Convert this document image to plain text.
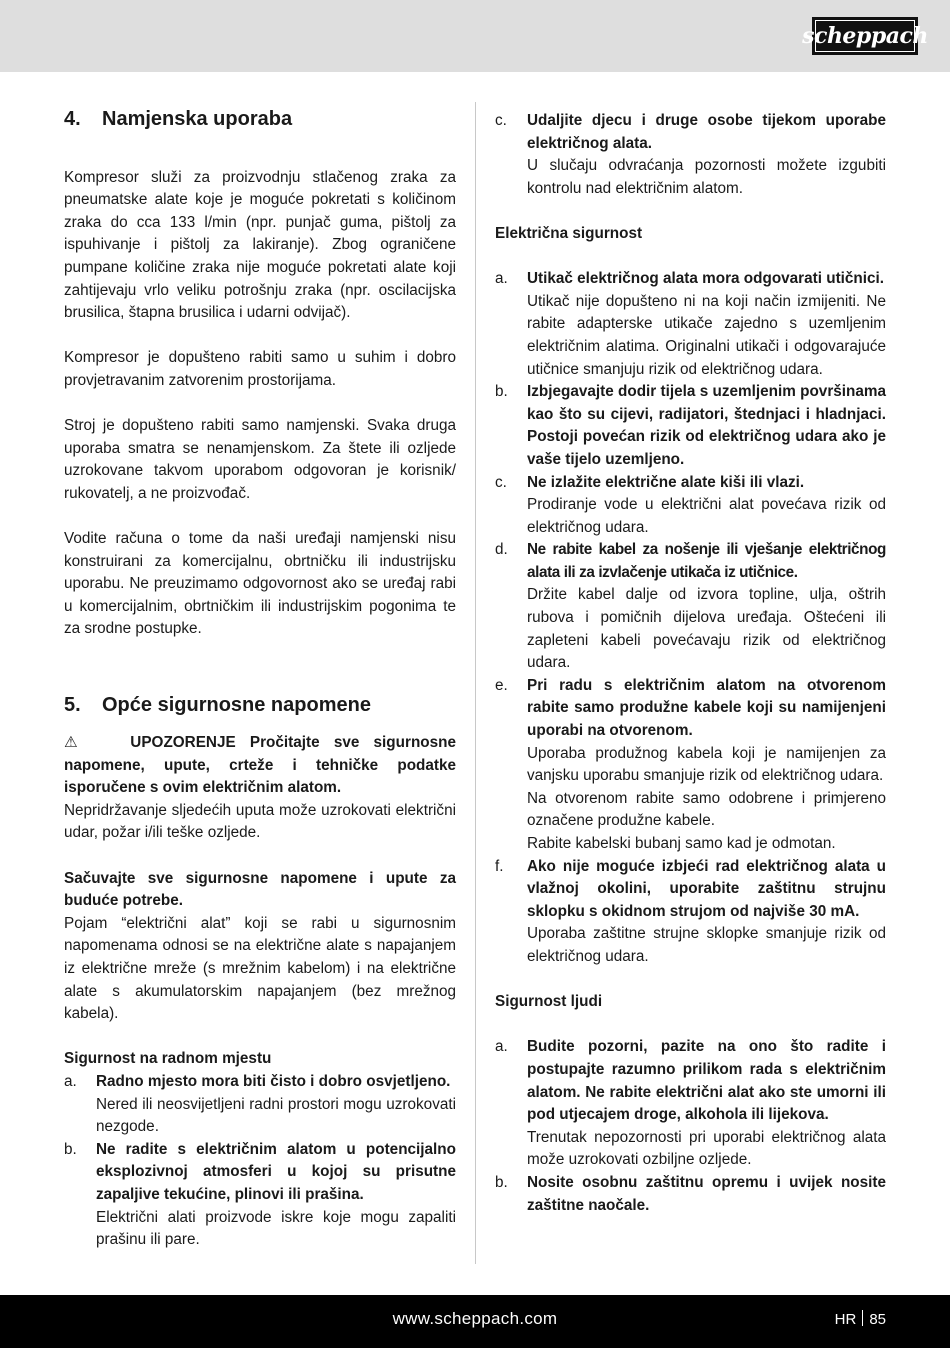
scheppach
4.	Namjenska uporaba

Kompresor služi za proizvodnju stlačenog zraka za pneumatske alate koje je moguće pokretati s količinom zraka do cca 133 l/min (npr. punjač guma, pištolj za ispuhivanje i pištolj za lakiranje). Zbog ograničene pumpane količine zraka nije moguće pokretati alate koji zahtijevaju vrlo veliku potrošnju zraka (npr. oscilacijska brusilica, štapna brusilica i udarni odvijač).

Kompresor je dopušteno rabiti samo u suhim i dobro provjetravanim zatvorenim prostorijama.

Stroj je dopušteno rabiti samo namjenski. Svaka druga uporaba smatra se nenamjenskom. Za štete ili ozljede uzrokovane takvom uporabom odgovoran je korisnik/ rukovatelj, a ne proizvođač.

Vodite računa o tome da naši uređaji namjenski nisu konstruirani za komercijalnu, obrtničku ili industrijsku uporabu. Ne preuzimamo odgovornost ako se uređaj rabi u komercijalnim, obrtničkim ili industrijskim pogonima te za srodne postupke.

5.	Opće sigurnosne napomene

⚠	UPOZORENJE Pročitajte sve sigurnosne napomene, upute, crteže i tehničke podatke isporučene s ovim električnim alatom.

Nepridržavanje sljedećih uputa može uzrokovati električni udar, požar i/ili teške ozljede.

Sačuvajte sve sigurnosne napomene i upute za buduće potrebe.

Pojam “električni alat” koji se rabi u sigurnosnim napomenama odnosi se na električne alate s napajanjem iz električne mreže (s mrežnim kabelom) i na električne alate s akumulatorskim napajanjem (bez mrežnog kabela).

Sigurnost na radnom mjestu

a.	Radno mjesto mora biti čisto i dobro osvjetljeno.

Nered ili neosvijetljeni radni prostori mogu uzrokovati nezgode.

b.	Ne radite s električnim alatom u potencijalno eksplozivnoj atmosferi u kojoj su prisutne zapaljive tekućine, plinovi ili prašina.

Električni alati proizvode iskre koje mogu zapaliti prašinu ili pare.

c.	Udaljite djecu i druge osobe tijekom uporabe električnog alata.

U slučaju odvraćanja pozornosti možete izgubiti kontrolu nad električnim alatom.

Električna sigurnost

a.	Utikač električnog alata mora odgovarati utičnici.

Utikač nije dopušteno ni na koji način izmijeniti. Ne rabite adapterske utikače zajedno s uzemljenim električnim alatima. Originalni utikači i odgovarajuće utičnice smanjuju rizik od električnog udara.

b.	Izbjegavajte dodir tijela s uzemljenim površinama kao što su cijevi, radijatori, štednjaci i hladnjaci. Postoji povećan rizik od električnog udara ako je vaše tijelo uzemljeno.

c.	Ne izlažite električne alate kiši ili vlazi.

Prodiranje vode u električni alat povećava rizik od električnog udara.

d.	Ne rabite kabel za nošenje ili vješanje električnog alata ili za izvlačenje utikača iz utičnice.

Držite kabel dalje od izvora topline, ulja, oštrih rubova i pomičnih dijelova uređaja. Oštećeni ili zapleteni kabeli povećavaju rizik od električnog udara.

e.	Pri radu s električnim alatom na otvorenom rabite samo produžne kabele koji su namijenjeni uporabi na otvorenom.

Uporaba produžnog kabela koji je namijenjen za vanjsku uporabu smanjuje rizik od električnog udara.

Na otvorenom rabite samo odobrene i primjereno označene produžne kabele.

Rabite kabelski bubanj samo kad je odmotan.

f.	Ako nije moguće izbjeći rad električnog alata u vlažnoj okolini, uporabite zaštitnu strujnu sklopku s okidnom strujom od najviše 30 mA.

Uporaba zaštitne strujne sklopke smanjuje rizik od električnog udara.

Sigurnost ljudi

a.	Budite pozorni, pazite na ono što radite i postupajte razumno prilikom rada s električnim alatom. Ne rabite električni alat ako ste umorni ili pod utjecajem droge, alkohola ili lijekova.

Trenutak nepozornosti pri uporabi električnog alata može uzrokovati ozbiljne ozljede.

b.	Nosite osobnu zaštitnu opremu i uvijek nosite zaštitne naočale.

www.scheppach.com	HR 85
